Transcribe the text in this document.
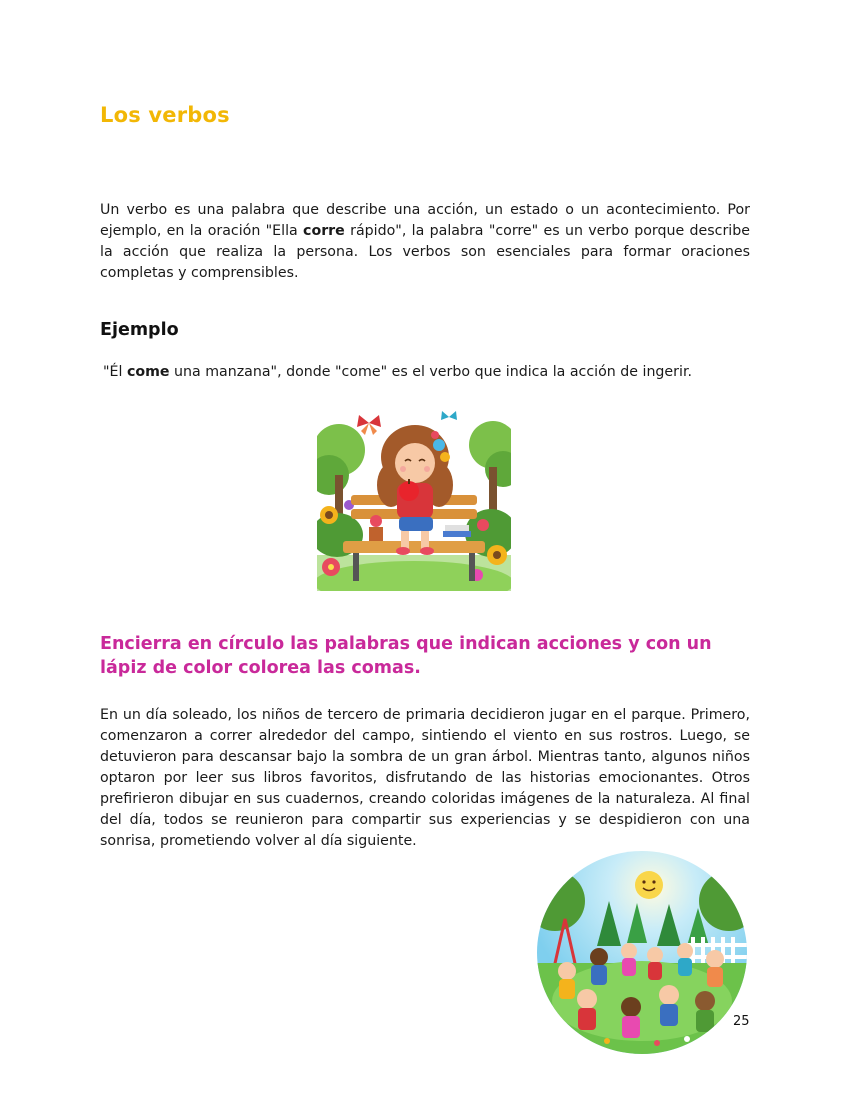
Los verbos

Un verbo es una palabra que describe una acción, un estado o un acontecimiento. Por ejemplo, en la oración "Ella corre rápido", la palabra "corre" es un verbo porque describe la acción que realiza la persona. Los verbos son esenciales para formar oraciones completas y comprensibles.

Ejemplo

"Él come una manzana", donde "come" es el verbo que indica la acción de ingerir.

Encierra en círculo las palabras que indican acciones y con un lápiz de color colorea las comas.

En un día soleado, los niños de tercero de primaria decidieron jugar en el parque. Primero, comenzaron a correr alrededor del campo, sintiendo el viento en sus rostros. Luego, se detuvieron para descansar bajo la sombra de un gran árbol. Mientras tanto, algunos niños optaron por leer sus libros favoritos, disfrutando de las historias emocionantes. Otros prefirieron dibujar en sus cuadernos, creando coloridas imágenes de la naturaleza. Al final del día, todos se reunieron para compartir sus experiencias y se despidieron con una sonrisa, prometiendo volver al día siguiente.

25
